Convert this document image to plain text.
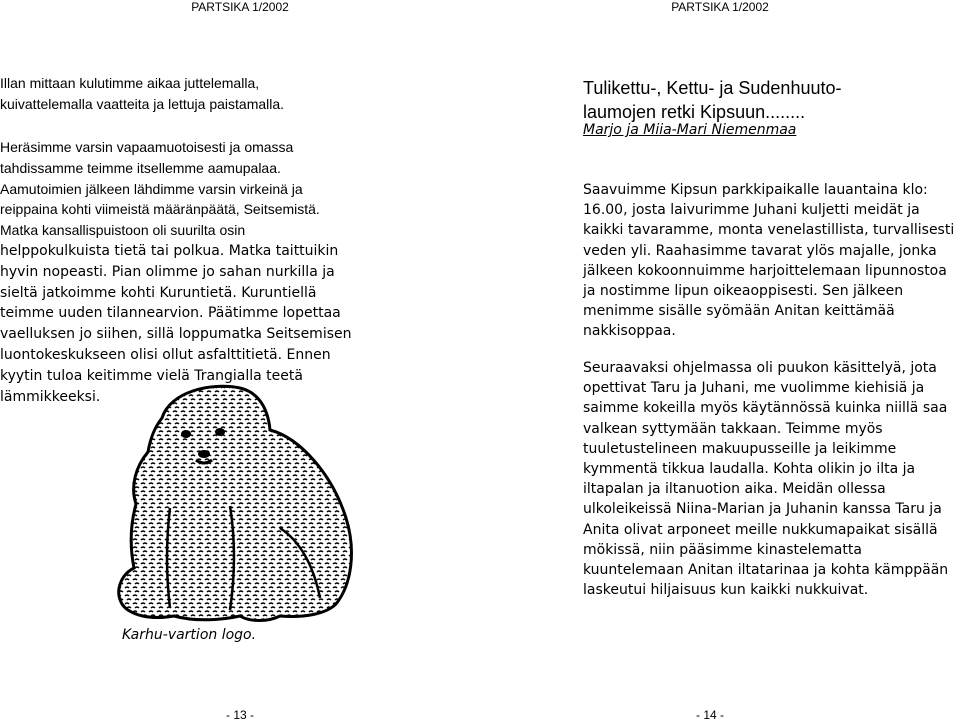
PARTSIKA 1/2002	PARTSIKA 1/2002

Illan mittaan kulutimme aikaa juttelemalla,
kuivattelemalla vaatteita ja lettuja paistamalla.

Heräsimme varsin vapaamuotoisesti ja omassa
tahdissamme teimme itsellemme aamupalaa.
Aamutoimien jälkeen lähdimme varsin virkeinä ja
reippaina kohti viimeistä määränpäätä, Seitsemistä.
Matka kansallispuistoon oli suurilta osin
helppokulkuista tietä tai polkua. Matka taittuikin
hyvin nopeasti. Pian olimme jo sahan nurkilla ja
sieltä jatkoimme kohti Kuruntietä. Kuruntiellä
teimme uuden tilannearvion. Päätimme lopettaa
vaelluksen jo siihen, sillä loppumatka Seitsemisen
luontokeskukseen olisi ollut asfalttitietä. Ennen
kyytin tuloa keitimme vielä Trangialla teetä
lämmikkeeksi.

Karhu-vartion logo.
Tulikettu-, Kettu- ja Sudenhuuto-
laumojen retki Kipsuun........
Marjo ja Miia-Mari Niemenmaa

Saavuimme Kipsun parkkipaikalle lauantaina klo:
16.00, josta laivurimme Juhani kuljetti meidät ja
kaikki tavaramme, monta venelastillista, turvallisesti
veden yli. Raahasimme tavarat ylös majalle, jonka
jälkeen kokoonnuimme harjoittelemaan lipunnostoa
ja nostimme lipun oikeaoppisesti. Sen jälkeen
menimme sisälle syömään Anitan keittämää
nakkisoppaa.

Seuraavaksi ohjelmassa oli puukon käsittelyä, jota
opettivat Taru ja Juhani, me vuolimme kiehisiä ja
saimme kokeilla myös käytännössä kuinka niillä saa
valkean syttymään takkaan. Teimme myös
tuuletustelineen makuupusseille ja leikimme
kymmentä tikkua laudalla. Kohta olikin jo ilta ja
iltapalan ja iltanuotion aika. Meidän ollessa
ulkoleikeissä Niina-Marian ja Juhanin kanssa Taru ja
Anita olivat arponeet meille nukkumapaikat sisällä
mökissä, niin pääsimme kinastelematta
kuuntelemaan Anitan iltatarinaa ja kohta kämppään
laskeutui hiljaisuus kun kaikki nukkuivat.

- 13 -	- 14 -
